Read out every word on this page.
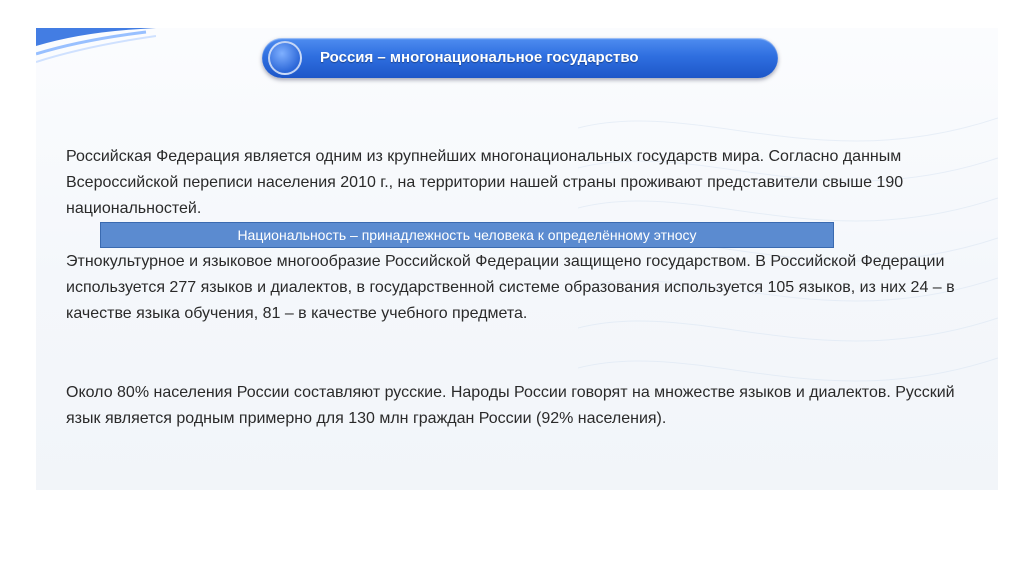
Россия – многонациональное государство

Российская Федерация является одним из крупнейших многонациональных государств мира. Согласно данным Всероссийской переписи населения 2010 г., на территории нашей страны проживают представители свыше 190 национальностей.

Национальность – принадлежность человека к определённому этносу

Этнокультурное и языковое многообразие Российской Федерации защищено государством. В Российской Федерации используется 277 языков и диалектов, в государственной системе образования используется 105 языков, из них 24 – в качестве языка обучения, 81 – в качестве учебного предмета.

Около 80% населения России составляют русские. Народы России говорят на множестве языков и диалектов. Русский язык является родным примерно для 130 млн граждан России (92% населения).
